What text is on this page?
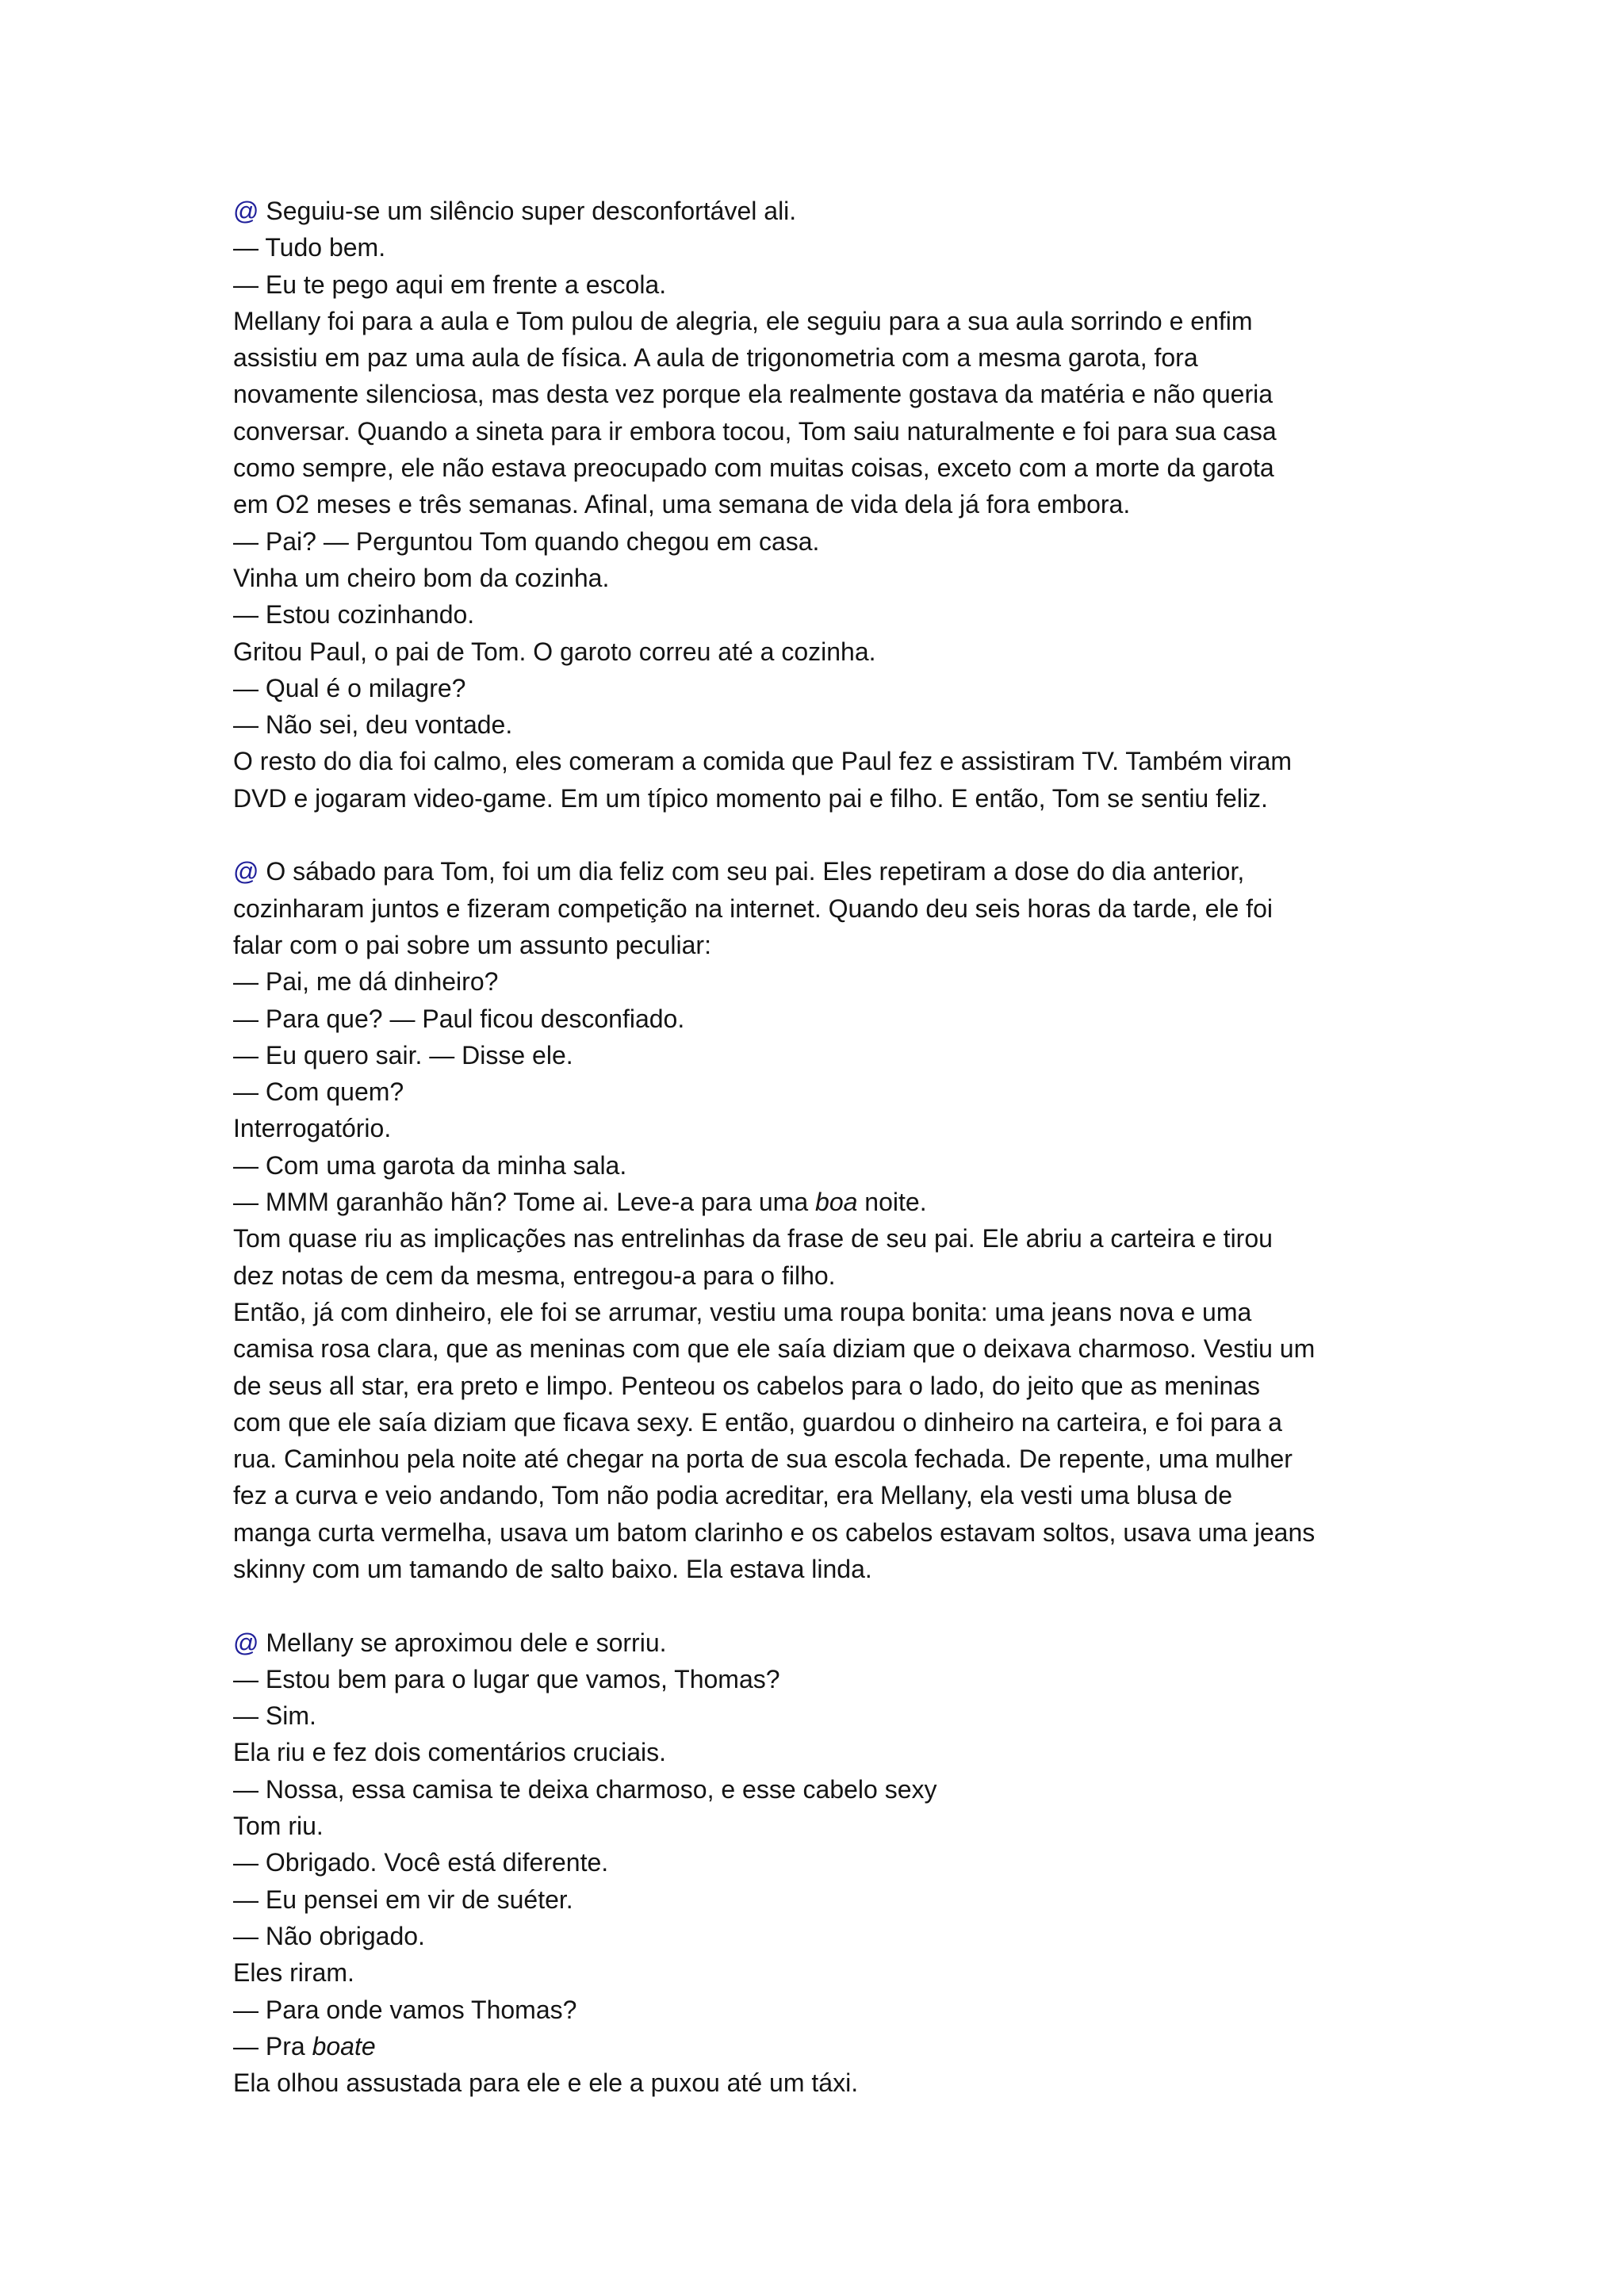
@ Seguiu-se um silêncio super desconfortável ali.
— Tudo bem.
— Eu te pego aqui em frente a escola.
Mellany foi para a aula e Tom pulou de alegria, ele seguiu para a sua aula sorrindo e enfim
assistiu em paz uma aula de física. A aula de trigonometria com a mesma garota, fora
novamente silenciosa, mas desta vez porque ela realmente gostava da matéria e não queria
conversar. Quando a sineta para ir embora tocou, Tom saiu naturalmente e foi para sua casa
como sempre, ele não estava preocupado com muitas coisas, exceto com a morte da garota
em O2 meses e três semanas. Afinal, uma semana de vida dela já fora embora.
— Pai? — Perguntou Tom quando chegou em casa.
Vinha um cheiro bom da cozinha.
— Estou cozinhando.
Gritou Paul, o pai de Tom. O garoto correu até a cozinha.
— Qual é o milagre?
— Não sei, deu vontade.
O resto do dia foi calmo, eles comeram a comida que Paul fez e assistiram TV. Também viram
DVD e jogaram video-game. Em um típico momento pai e filho. E então, Tom se sentiu feliz.
@ O sábado para Tom, foi um dia feliz com seu pai. Eles repetiram a dose do dia anterior,
cozinharam juntos e fizeram competição na internet. Quando deu seis horas da tarde, ele foi
falar com o pai sobre um assunto peculiar:
— Pai, me dá dinheiro?
— Para que? — Paul ficou desconfiado.
— Eu quero sair. — Disse ele.
— Com quem?
Interrogatório.
— Com uma garota da minha sala.
— MMM garanhão hãn? Tome ai. Leve-a para uma boa noite.
Tom quase riu as implicações nas entrelinhas da frase de seu pai. Ele abriu a carteira e tirou
dez notas de cem da mesma, entregou-a para o filho.
Então, já com dinheiro, ele foi se arrumar, vestiu uma roupa bonita: uma jeans nova e uma
camisa rosa clara, que as meninas com que ele saía diziam que o deixava charmoso. Vestiu um
de seus all star, era preto e limpo. Penteou os cabelos para o lado, do jeito que as meninas
com que ele saía diziam que ficava sexy. E então, guardou o dinheiro na carteira, e foi para a
rua. Caminhou pela noite até chegar na porta de sua escola fechada. De repente, uma mulher
fez a curva e veio andando, Tom não podia acreditar, era Mellany, ela vesti uma blusa de
manga curta vermelha, usava um batom clarinho e os cabelos estavam soltos, usava uma jeans
skinny com um tamando de salto baixo. Ela estava linda.
@ Mellany se aproximou dele e sorriu.
— Estou bem para o lugar que vamos, Thomas?
— Sim.
Ela riu e fez dois comentários cruciais.
— Nossa, essa camisa te deixa charmoso, e esse cabelo sexy
Tom riu.
— Obrigado. Você está diferente.
— Eu pensei em vir de suéter.
— Não obrigado.
Eles riram.
— Para onde vamos Thomas?
— Pra boate
Ela olhou assustada para ele e ele a puxou até um táxi.
